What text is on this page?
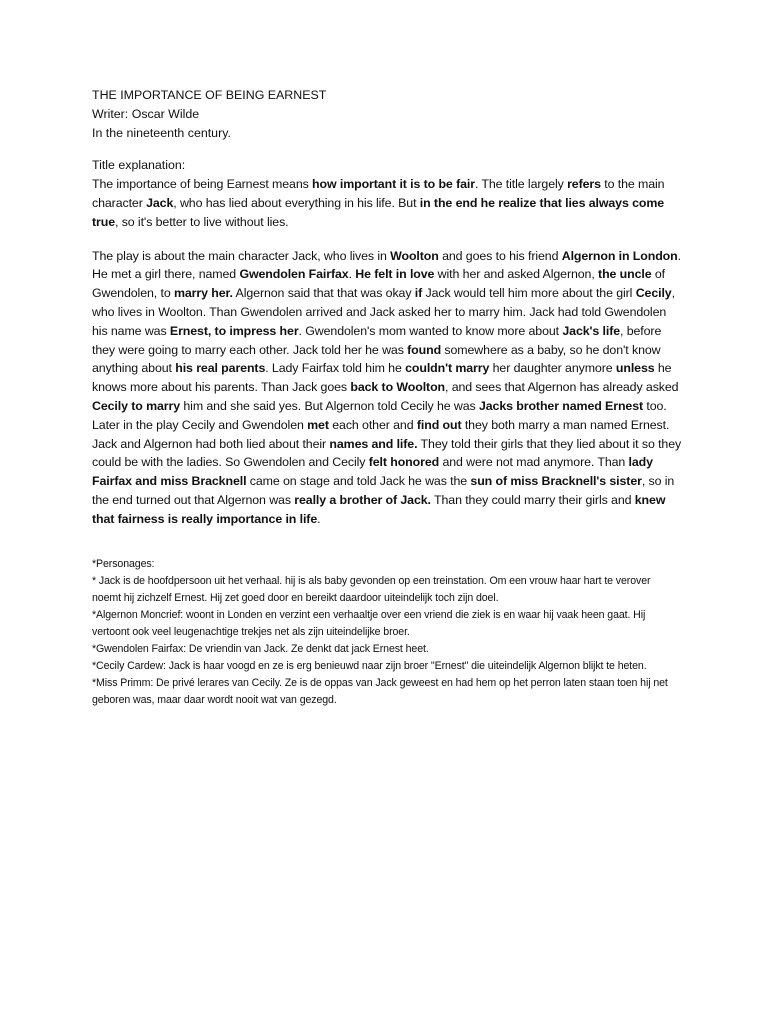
THE IMPORTANCE OF BEING EARNEST

Writer: Oscar Wilde

In the nineteenth century.

Title explanation:

The importance of being Earnest means how important it is to be fair. The title largely refers to the main character Jack, who has lied about everything in his life. But in the end he realize that lies always come true, so it's better to live without lies.

The play is about the main character Jack, who lives in Woolton and goes to his friend Algernon in London. He met a girl there, named Gwendolen Fairfax. He felt in love with her and asked Algernon, the uncle of Gwendolen, to marry her. Algernon said that that was okay if Jack would tell him more about the girl Cecily, who lives in Woolton. Than Gwendolen arrived and Jack asked her to marry him. Jack had told Gwendolen his name was Ernest, to impress her. Gwendolen's mom wanted to know more about Jack's life, before they were going to marry each other. Jack told her he was found somewhere as a baby, so he don't know anything about his real parents. Lady Fairfax told him he couldn't marry her daughter anymore unless he knows more about his parents. Than Jack goes back to Woolton, and sees that Algernon has already asked Cecily to marry him and she said yes. But Algernon told Cecily he was Jacks brother named Ernest too. Later in the play Cecily and Gwendolen met each other and find out they both marry a man named Ernest. Jack and Algernon had both lied about their names and life. They told their girls that they lied about it so they could be with the ladies. So Gwendolen and Cecily felt honored and were not mad anymore. Than lady Fairfax and miss Bracknell came on stage and told Jack he was the sun of miss Bracknell's sister, so in the end turned out that Algernon was really a brother of Jack. Than they could marry their girls and knew that fairness is really importance in life.

*Personages:

* Jack is de hoofdpersoon uit het verhaal. hij is als baby gevonden op een treinstation. Om een vrouw haar hart te verover noemt hij zichzelf Ernest. Hij zet goed door en bereikt daardoor uiteindelijk toch zijn doel.

*Algernon Moncrief: woont in Londen en verzint een verhaaltje over een vriend die ziek is en waar hij vaak heen gaat. Hij vertoont ook veel leugenachtige trekjes net als zijn uiteindelijke broer.

*Gwendolen Fairfax: De vriendin van Jack. Ze denkt dat jack Ernest heet.

*Cecily Cardew: Jack is haar voogd en ze is erg benieuwd naar zijn broer "Ernest" die uiteindelijk Algernon blijkt te heten.

*Miss Primm: De privé lerares van Cecily. Ze is de oppas van Jack geweest en had hem op het perron laten staan toen hij net geboren was, maar daar wordt nooit wat van gezegd.
